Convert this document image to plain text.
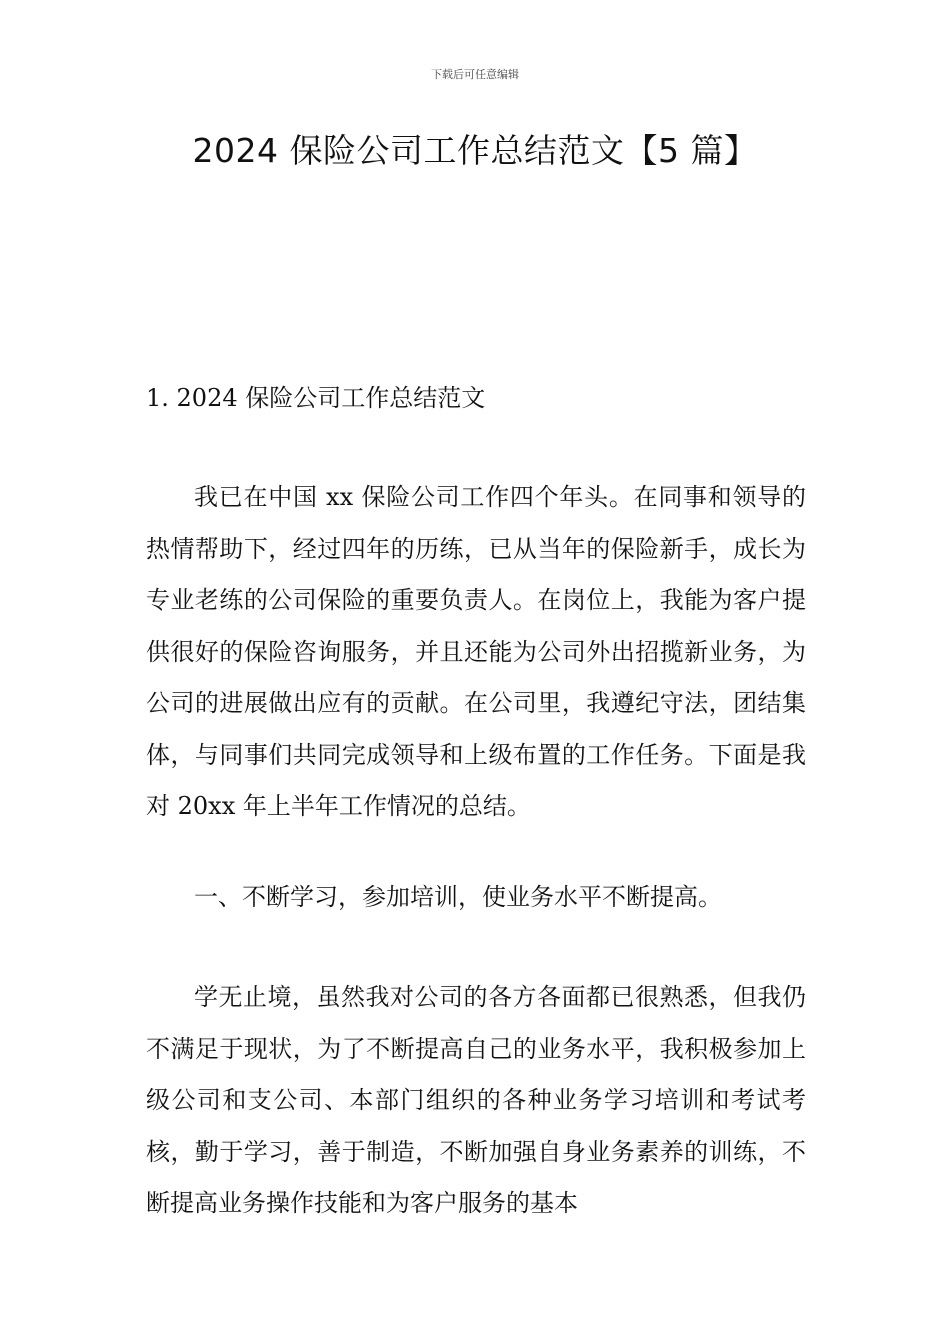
下载后可任意编辑
2024 保险公司工作总结范文【5 篇】
1. 2024 保险公司工作总结范文

我已在中国 xx 保险公司工作四个年头。在同事和领导的热情帮助下，经过四年的历练，已从当年的保险新手，成长为专业老练的公司保险的重要负责人。在岗位上，我能为客户提供很好的保险咨询服务，并且还能为公司外出招揽新业务，为公司的进展做出应有的贡献。在公司里，我遵纪守法，团结集体，与同事们共同完成领导和上级布置的工作任务。下面是我对 20xx 年上半年工作情况的总结。

一、不断学习，参加培训，使业务水平不断提高。

学无止境，虽然我对公司的各方各面都已很熟悉，但我仍不满足于现状，为了不断提高自己的业务水平，我积极参加上级公司和支公司、本部门组织的各种业务学习培训和考试考核，勤于学习，善于制造，不断加强自身业务素养的训练，不断提高业务操作技能和为客户服务的基本
